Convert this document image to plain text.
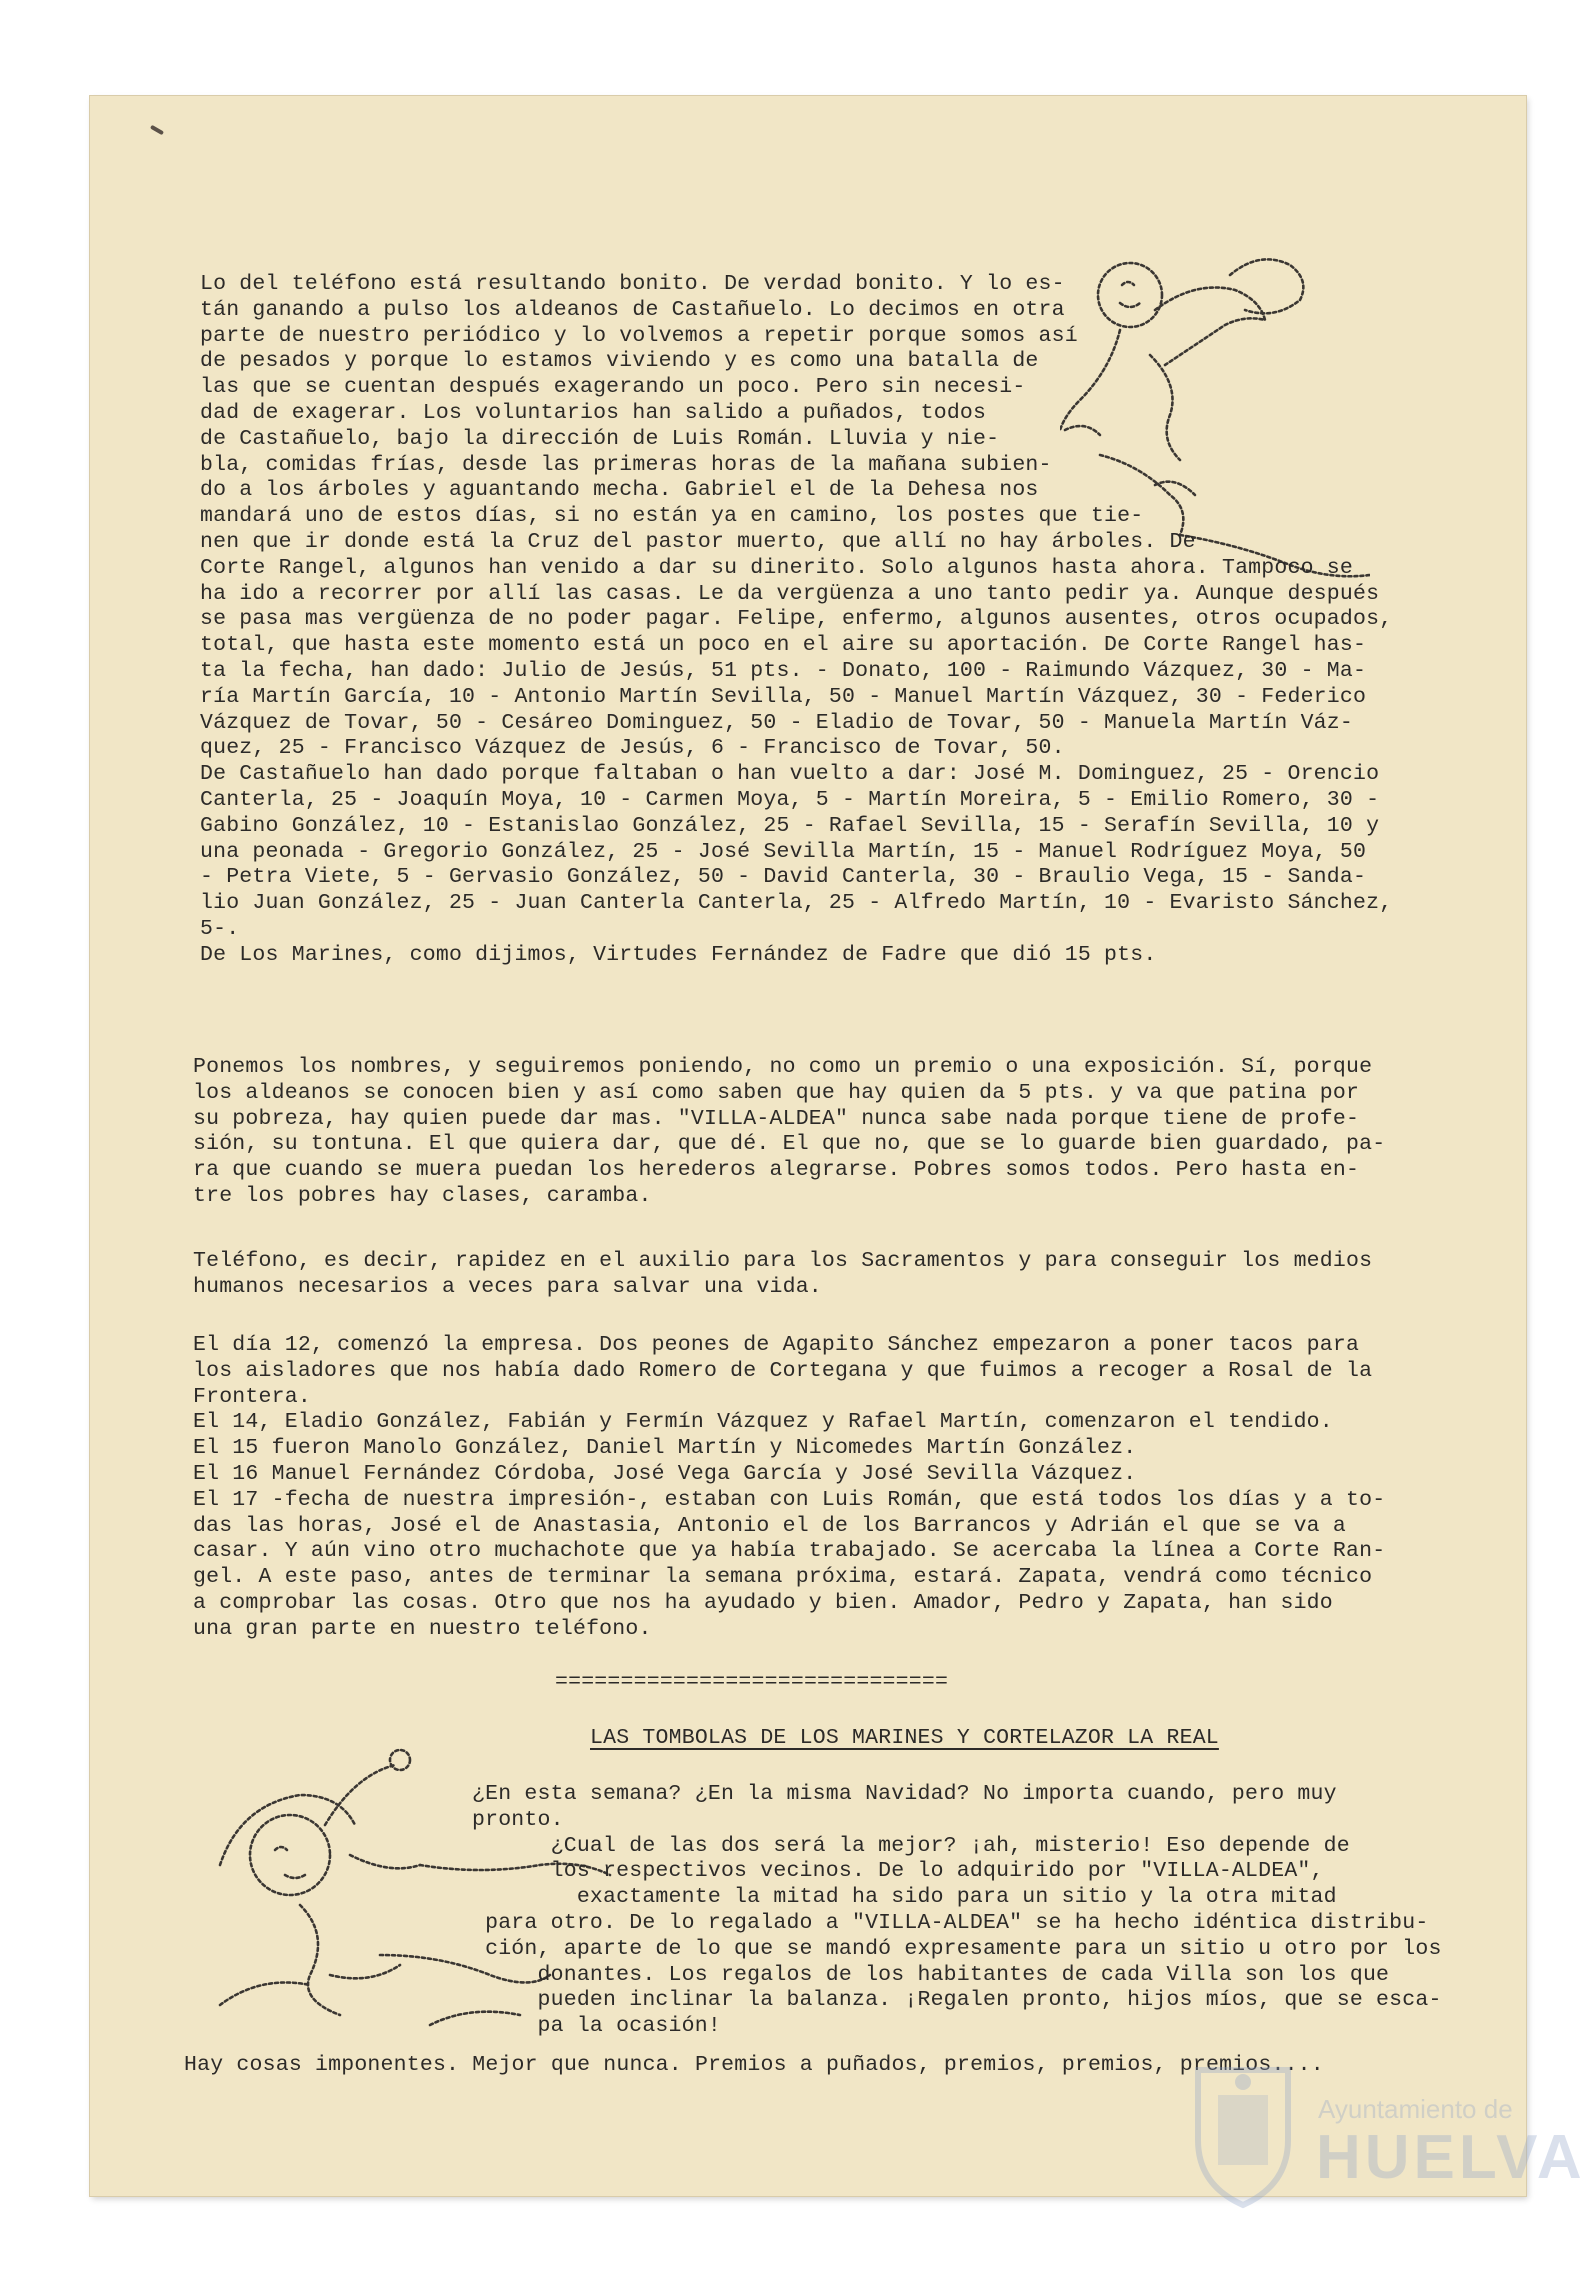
Lo del teléfono está resultando bonito. De verdad bonito. Y lo es-
tán ganando a pulso los aldeanos de Castañuelo. Lo decimos en otra
parte de nuestro periódico y lo volvemos a repetir porque somos así
de pesados y porque lo estamos viviendo y es como una batalla de
las que se cuentan después exagerando un poco. Pero sin necesi-
dad de exagerar. Los voluntarios han salido a puñados, todos
de Castañuelo, bajo la dirección de Luis Román. Lluvia y nie-
bla, comidas frías, desde las primeras horas de la mañana subien-
do a los árboles y aguantando mecha. Gabriel el de la Dehesa nos
mandará uno de estos días, si no están ya en camino, los postes que tie-
nen que ir donde está la Cruz del pastor muerto, que allí no hay árboles. De
Corte Rangel, algunos han venido a dar su dinerito. Solo algunos hasta ahora. Tampoco se
ha ido a recorrer por allí las casas. Le da vergüenza a uno tanto pedir ya. Aunque después
se pasa mas vergüenza de no poder pagar. Felipe, enfermo, algunos ausentes, otros ocupados,
total, que hasta este momento está un poco en el aire su aportación. De Corte Rangel has-
ta la fecha, han dado: Julio de Jesús, 51 pts. - Donato, 100 - Raimundo Vázquez, 30 - Ma-
ría Martín García, 10 - Antonio Martín Sevilla, 50 - Manuel Martín Vázquez, 30 - Federico
Vázquez de Tovar, 50 - Cesáreo Dominguez, 50 - Eladio de Tovar, 50 - Manuela Martín Váz-
quez, 25 - Francisco Vázquez de Jesús, 6 - Francisco de Tovar, 50.
De Castañuelo han dado porque faltaban o han vuelto a dar: José M. Dominguez, 25 - Orencio
Canterla, 25 - Joaquín Moya, 10 - Carmen Moya, 5 - Martín Moreira, 5 - Emilio Romero, 30 -
Gabino González, 10 - Estanislao González, 25 - Rafael Sevilla, 15 - Serafín Sevilla, 10 y
una peonada - Gregorio González, 25 - José Sevilla Martín, 15 - Manuel Rodríguez Moya, 50
- Petra Viete, 5 - Gervasio González, 50 - David Canterla, 30 - Braulio Vega, 15 - Sanda-
lio Juan González, 25 - Juan Canterla Canterla, 25 - Alfredo Martín, 10 - Evaristo Sánchez,
5-.
De Los Marines, como dijimos, Virtudes Fernández de Fadre que dió 15 pts.
Ponemos los nombres, y seguiremos poniendo, no como un premio o una exposición. Sí, porque
los aldeanos se conocen bien y así como saben que hay quien da 5 pts. y va que patina por
su pobreza, hay quien puede dar mas. "VILLA-ALDEA" nunca sabe nada porque tiene de profe-
sión, su tontuna. El que quiera dar, que dé. El que no, que se lo guarde bien guardado, pa-
ra que cuando se muera puedan los herederos alegrarse. Pobres somos todos. Pero hasta en-
tre los pobres hay clases, caramba.
Teléfono, es decir, rapidez en el auxilio para los Sacramentos y para conseguir los medios
humanos necesarios a veces para salvar una vida.
El día 12, comenzó la empresa. Dos peones de Agapito Sánchez empezaron a poner tacos para
los aisladores que nos había dado Romero de Cortegana y que fuimos a recoger a Rosal de la
Frontera.
El 14, Eladio González, Fabián y Fermín Vázquez y Rafael Martín, comenzaron el tendido.
El 15 fueron Manolo González, Daniel Martín y Nicomedes Martín González.
El 16 Manuel Fernández Córdoba, José Vega García y José Sevilla Vázquez.
El 17 -fecha de nuestra impresión-, estaban con Luis Román, que está todos los días y a to-
das las horas, José el de Anastasia, Antonio el de los Barrancos y Adrián el que se va a
casar. Y aún vino otro muchachote que ya había trabajado. Se acercaba la línea a Corte Ran-
gel. A este paso, antes de terminar la semana próxima, estará. Zapata, vendrá como técnico
a comprobar las cosas. Otro que nos ha ayudado y bien. Amador, Pedro y Zapata, han sido
una gran parte en nuestro teléfono.
==============================
LAS TOMBOLAS DE LOS MARINES Y CORTELAZOR LA REAL
¿En esta semana? ¿En la misma Navidad? No importa cuando, pero muy
pronto.
¿Cual de las dos será la mejor? ¡ah, misterio! Eso depende de
los respectivos vecinos. De lo adquirido por "VILLA-ALDEA",
exactamente la mitad ha sido para un sitio y la otra mitad
para otro. De lo regalado a "VILLA-ALDEA" se ha hecho idéntica distribu-
ción, aparte de lo que se mandó expresamente para un sitio u otro por los
donantes. Los regalos de los habitantes de cada Villa son los que
pueden inclinar la balanza. ¡Regalen pronto, hijos míos, que se esca-
pa la ocasión!
Hay cosas imponentes. Mejor que nunca. Premios a puñados, premios, premios, premios....
Ayuntamiento de
HUELVA
